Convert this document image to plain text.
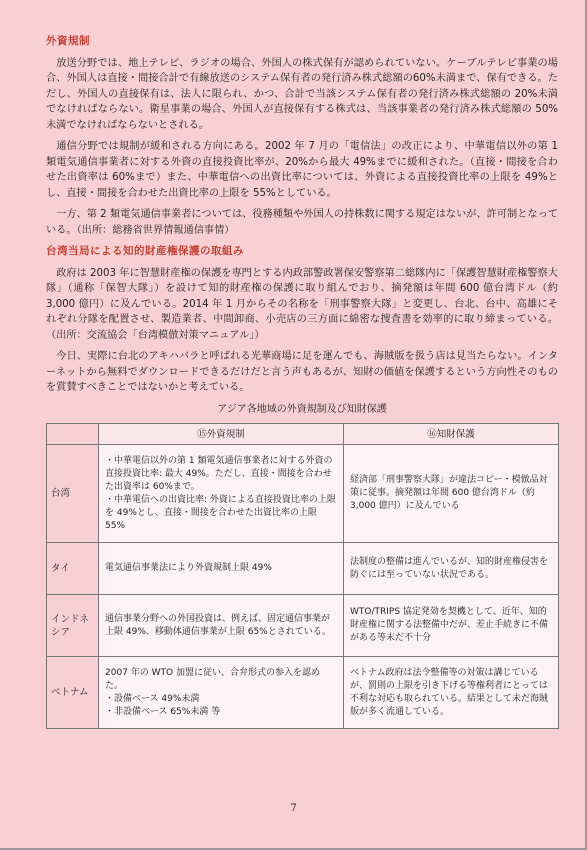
外資規制

放送分野では、地上テレビ、ラジオの場合、外国人の株式保有が認められていない。ケーブルテレビ事業の場合、外国人は直接・間接合計で有線放送のシステム保有者の発行済み株式総額の60%未満まで、保有できる。ただし、外国人の直接保有は、法人に限られ、かつ、合計で当該システム保有者の発行済み株式総額の 20%未満でなければならない。衛星事業の場合、外国人が直接保有する株式は、当該事業者の発行済み株式総額の 50%未満でなければならないとされる。

通信分野では規制が緩和される方向にある。2002 年 7 月の「電信法」の改正により、中華電信以外の第 1 類電気通信事業者に対する外資の直接投資比率が、20%から最大 49%までに緩和された。（直接・間接を合わせた出資率は 60%まで）また、中華電信への出資比率については、外資による直接投資比率の上限を 49%とし、直接・間接を合わせた出資比率の上限を 55%としている。

一方、第 2 類電気通信事業者については、役務種類や外国人の持株数に関する規定はないが、許可制となっている。（出所：総務省世界情報通信事情）

台湾当局による知的財産権保護の取組み

政府は 2003 年に智慧財産権の保護を専門とする内政部警政署保安警察第二総隊内に「保護智慧財産権警察大隊」（通称「保智大隊」）を設けて知的財産権の保護に取り組んでおり、摘発額は年間 600 億台湾ドル（約 3,000 億円）に及んでいる。2014 年 1 月からその名称を「刑事警察大隊」と変更し、台北、台中、高雄にそれぞれ分隊を配置させ、製造業者、中間卸商、小売店の三方面に綿密な捜査書を効率的に取り締まっている。（出所：交流協会「台湾模倣対策マニュアル」）

今日、実際に台北のアキハバラと呼ばれる光華商場に足を運んでも、海賊版を扱う店は見当たらない。インターネットから無料でダウンロードできるだけだと言う声もあるが、知財の価値を保護するという方向性そのものを賞賛すべきことではないかと考えている。

アジア各地域の外資規制及び知財保護
	⑮外資規制	⑯知財保護
台湾	・中華電信以外の第 1 類電気通信事業者に対する外資の直接投資比率: 最大 49%。ただし、直接・間接を合わせた出資率は 60%まで。
・中華電信への出資比率: 外資による直接投資比率の上限を 49%とし、直接・間接を合わせた出資比率の上限 55%	経済部「刑事警察大隊」が違法コピー・模倣品対策に従事。摘発額は年間 600 億台湾ドル（約 3,000 億円）に及んでいる
タイ	電気通信事業法により外資規制上限 49%	法制度の整備は進んでいるが、知的財産権侵害を防ぐには至っていない状況である。
インドネシア	通信事業分野への外国投資は、例えば、固定通信事業が上限 49%、移動体通信事業が上限 65%とされている。	WTO/TRIPS 協定発効を契機として、近年、知的財産権に関する法整備中だが、差止手続きに不備がある等未だ不十分
ベトナム	2007 年の WTO 加盟に従い、合弁形式の参入を認めた。
・設備ベース 49%未満
・非設備ベース 65%未満 等	ベトナム政府は法令整備等の対策は講じているが、罰則の上限を引き下げる等権利者にとっては不利な対応も取られている。結果として未だ海賊版が多く流通している。
7
